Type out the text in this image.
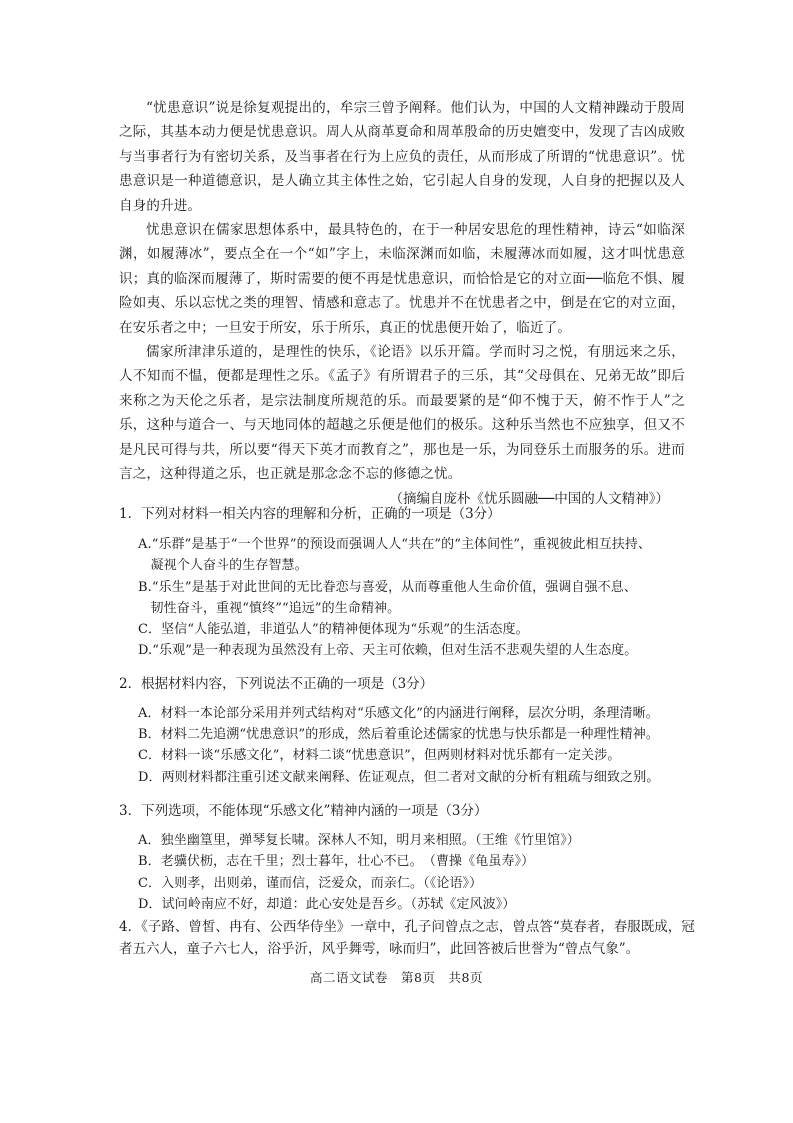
“忧患意识”说是徐复观提出的，牟宗三曾予阐释。他们认为，中国的人文精神躁动于殷周之际，其基本动力便是忧患意识。周人从商革夏命和周革殷命的历史嬗变中，发现了吉凶成败与当事者行为有密切关系，及当事者在行为上应负的责任，从而形成了所谓的“忧患意识”。忧患意识是一种道德意识，是人确立其主体性之始，它引起人自身的发现，人自身的把握以及人自身的升进。

忧患意识在儒家思想体系中，最具特色的，在于一种居安思危的理性精神，诗云“如临深渊，如履薄冰”，要点全在一个“如”字上，未临深渊而如临，未履薄冰而如履，这才叫忧患意识；真的临深而履薄了，斯时需要的便不再是忧患意识，而恰恰是它的对立面──临危不惧、履险如夷、乐以忘忧之类的理智、情感和意志了。忧患并不在忧患者之中，倒是在它的对立面，在安乐者之中；一旦安于所安，乐于所乐，真正的忧患便开始了，临近了。

儒家所津津乐道的，是理性的快乐，《论语》以乐开篇。学而时习之悦，有朋远来之乐，人不知而不愠，便都是理性之乐。《孟子》有所谓君子的三乐，其“父母俱在、兄弟无故”即后来称之为天伦之乐者，是宗法制度所规范的乐。而最要紧的是“仰不愧于天，俯不怍于人”之乐，这种与道合一、与天地同体的超越之乐便是他们的极乐。这种乐当然也不应独享，但又不是凡民可得与共，所以要“得天下英才而教育之”，那也是一乐，为同登乐土而服务的乐。进而言之，这种得道之乐，也正就是那念念不忘的修德之忧。

（摘编自庞朴《忧乐圆融──中国的人文精神》）

1．下列对材料一相关内容的理解和分析，正确的一项是（3分）

A.“乐群”是基于“一个世界”的预设而强调人人“共在”的“主体间性”，重视彼此相互扶持、
ㅤ凝视个人奋斗的生存智慧。
B.“乐生”是基于对此世间的无比眷恋与喜爱，从而尊重他人生命价值，强调自强不息、
ㅤ韧性奋斗，重视“慎终”“追远”的生命精神。
C．坚信“人能弘道，非道弘人”的精神便体现为“乐观”的生活态度。
D.“乐观”是一种表现为虽然没有上帝、天主可依赖，但对生活不悲观失望的人生态度。

2．根据材料内容，下列说法不正确的一项是（3分）

A．材料一本论部分采用并列式结构对“乐感文化”的内涵进行阐释，层次分明，条理清晰。
B．材料二先追溯“忧患意识”的形成，然后着重论述儒家的忧患与快乐都是一种理性精神。
C．材料一谈“乐感文化”，材料二谈“忧患意识”，但两则材料对忧乐都有一定关涉。
D．两则材料都注重引述文献来阐释、佐证观点，但二者对文献的分析有粗疏与细致之别。

3．下列选项，不能体现“乐感文化”精神内涵的一项是（3分）

A．独坐幽篁里，弹琴复长啸。深林人不知，明月来相照。（王维《竹里馆》）
B．老骥伏枥，志在千里；烈士暮年，壮心不已。　（曹操《龟虽寿》）
C．入则孝，出则弟，谨而信，泛爱众，而亲仁。（《论语》）
D．试问岭南应不好，却道：此心安处是吾乡。（苏轼《定风波》）

4．《子路、曾皙、冉有、公西华侍坐》一章中，孔子问曾点之志，曾点答“莫春者，春服既成，冠者五六人，童子六七人，浴乎沂，风乎舞雩，咏而归”，此回答被后世誉为“曾点气象”。

高二语文试卷　第8页　共8页
